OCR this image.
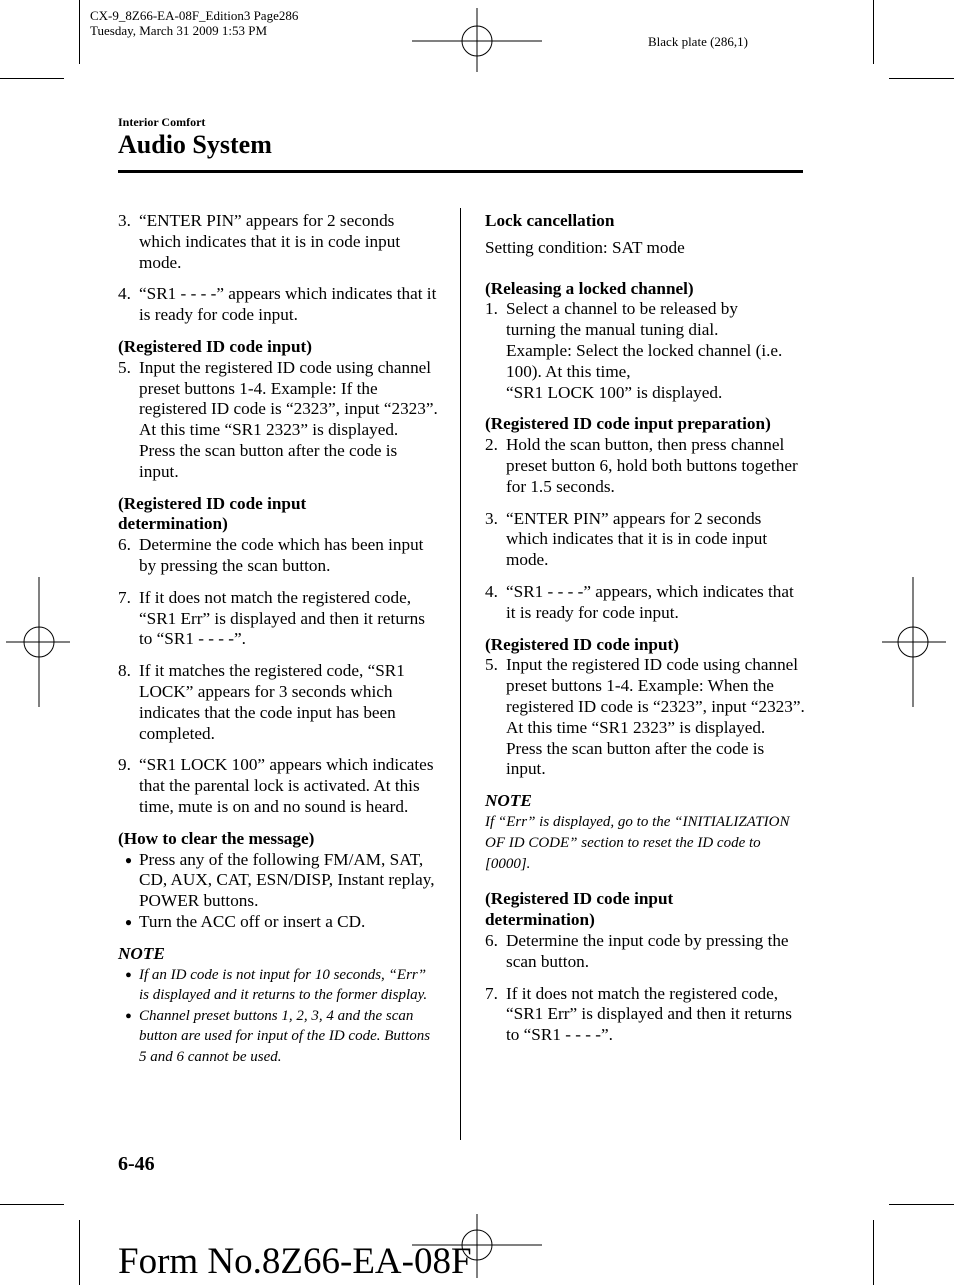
CX-9_8Z66-EA-08F_Edition3 Page286
Tuesday, March 31 2009 1:53 PM
Black plate (286,1)
Interior Comfort
Audio System
3. “ENTER PIN” appears for 2 seconds which indicates that it is in code input mode.
4. “SR1 - - - -” appears which indicates that it is ready for code input.

(Registered ID code input)

5. Input the registered ID code using channel preset buttons 1-4. Example: If the registered ID code is “2323”, input “2323”. At this time “SR1 2323” is displayed. Press the scan button after the code is input.

(Registered ID code input determination)

6. Determine the code which has been input by pressing the scan button.
7. If it does not match the registered code, “SR1 Err” is displayed and then it returns to “SR1 - - - -”.
8. If it matches the registered code, “SR1 LOCK” appears for 3 seconds which indicates that the code input has been completed.
9. “SR1 LOCK 100” appears which indicates that the parental lock is activated. At this time, mute is on and no sound is heard.

(How to clear the message)

● Press any of the following FM/AM, SAT, CD, AUX, CAT, ESN/DISP, Instant replay, POWER buttons.
● Turn the ACC off or insert a CD.

NOTE

● If an ID code is not input for 10 seconds, “Err” is displayed and it returns to the former display.
● Channel preset buttons 1, 2, 3, 4 and the scan button are used for input of the ID code. Buttons 5 and 6 cannot be used.

Lock cancellation

Setting condition: SAT mode

(Releasing a locked channel)

1. Select a channel to be released by turning the manual tuning dial. Example: Select the locked channel (i.e. 100). At this time,
“SR1 LOCK 100” is displayed.

(Registered ID code input preparation)

2. Hold the scan button, then press channel preset button 6, hold both buttons together for 1.5 seconds.
3. “ENTER PIN” appears for 2 seconds which indicates that it is in code input mode.
4. “SR1 - - - -” appears, which indicates that it is ready for code input.

(Registered ID code input)

5. Input the registered ID code using channel preset buttons 1-4. Example: When the registered ID code is “2323”, input “2323”. At this time “SR1 2323” is displayed. Press the scan button after the code is input.

NOTE

If “Err” is displayed, go to the “INITIALIZATION OF ID CODE” section to reset the ID code to [0000].

(Registered ID code input determination)

6. Determine the input code by pressing the scan button.
7. If it does not match the registered code, “SR1 Err” is displayed and then it returns to “SR1 - - - -”.
6-46
Form No.8Z66-EA-08F
